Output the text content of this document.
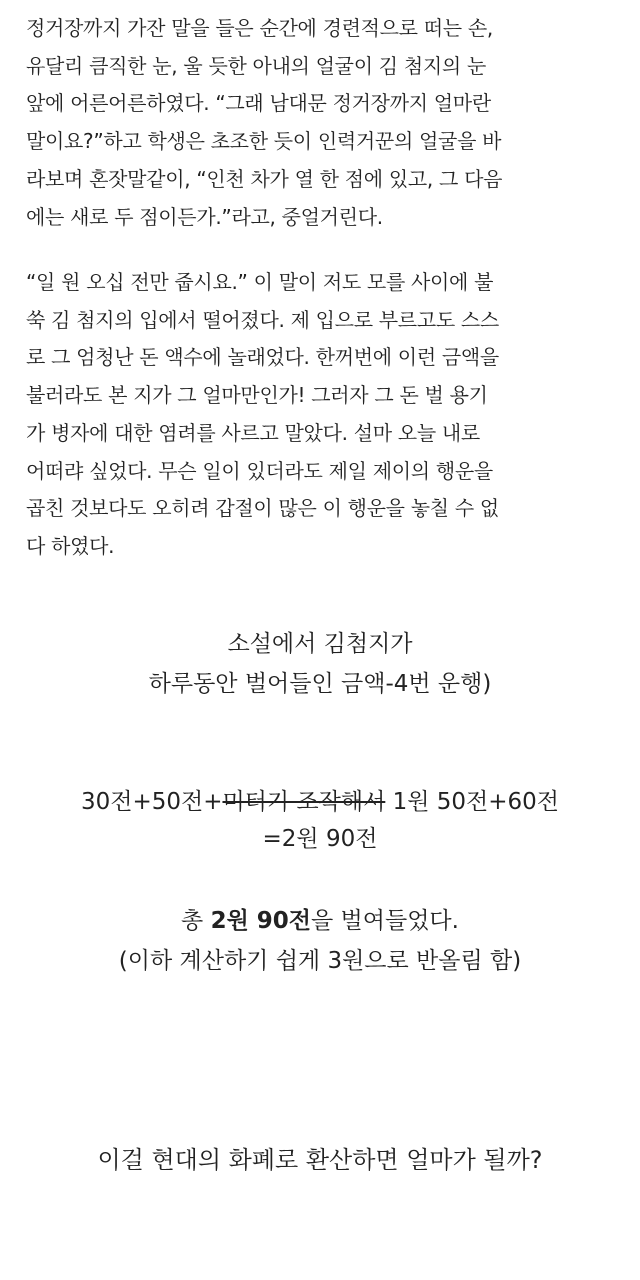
정거장까지 가잔 말을 들은 순간에 경련적으로 떠는 손,
유달리 큼직한 눈, 울 듯한 아내의 얼굴이 김 첨지의 눈
앞에 어른어른하였다. “그래 남대문 정거장까지 얼마란
말이요?”하고 학생은 초조한 듯이 인력거꾼의 얼굴을 바
라보며 혼잣말같이, “인천 차가 열 한 점에 있고, 그 다음
에는 새로 두 점이든가.”라고, 중얼거린다.
“일 원 오십 전만 줍시요.” 이 말이 저도 모를 사이에 불
쑥 김 첨지의 입에서 떨어졌다. 제 입으로 부르고도 스스
로 그 엄청난 돈 액수에 놀래었다. 한꺼번에 이런 금액을
불러라도 본 지가 그 얼마만인가! 그러자 그 돈 벌 용기
가 병자에 대한 염려를 사르고 말았다. 설마 오늘 내로
어떠랴 싶었다. 무슨 일이 있더라도 제일 제이의 행운을
곱친 것보다도 오히려 갑절이 많은 이 행운을 놓칠 수 없
다 하였다.
소설에서 김첨지가
하루동안 벌어들인 금액-4번 운행)
30전+50전+미터기 조작해서 1원 50전+60전
=2원 90전
총 2원 90전을 벌여들었다.
(이하 계산하기 쉽게 3원으로 반올림 함)
이걸 현대의 화폐로 환산하면 얼마가 될까?
